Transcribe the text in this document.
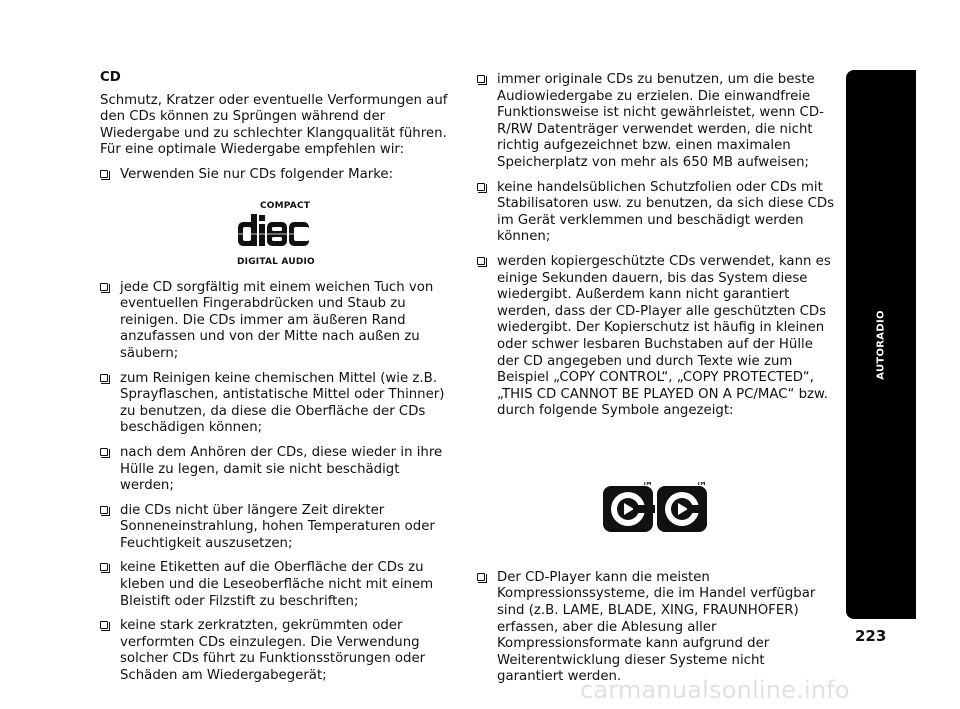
CD
Schmutz, Kratzer oder eventuelle Verformungen auf den CDs können zu Sprüngen während der Wiedergabe und zu schlechter Klangqualität führen. Für eine optimale Wiedergabe empfehlen wir:
Verwenden Sie nur CDs folgender Marke:
COMPACT
DIGITAL AUDIO
jede CD sorgfältig mit einem weichen Tuch von eventuellen Fingerabdrücken und Staub zu reinigen. Die CDs immer am äußeren Rand anzufassen und von der Mitte nach außen zu säubern;
zum Reinigen keine chemischen Mittel (wie z.B. Sprayflaschen, antistatische Mittel oder Thinner) zu benutzen, da diese die Oberfläche der CDs beschädigen können;
nach dem Anhören der CDs, diese wieder in ihre Hülle zu legen, damit sie nicht beschädigt werden;
die CDs nicht über längere Zeit direkter Sonneneinstrahlung, hohen Temperaturen oder Feuchtigkeit auszusetzen;
keine Etiketten auf die Oberfläche der CDs zu kleben und die Leseoberfläche nicht mit einem Bleistift oder Filzstift zu beschriften;
keine stark zerkratzten, gekrümmten oder verformten CDs einzulegen. Die Verwendung solcher CDs führt zu Funktionsstörungen oder Schäden am Wiedergabegerät;
immer originale CDs zu benutzen, um die beste Audiowiedergabe zu erzielen. Die einwandfreie Funktionsweise ist nicht gewährleistet, wenn CD-R/RW Datenträger verwendet werden, die nicht richtig aufgezeichnet bzw. einen maximalen Speicherplatz von mehr als 650 MB aufweisen;
keine handelsüblichen Schutzfolien oder CDs mit Stabilisatoren usw. zu benutzen, da sich diese CDs im Gerät verklemmen und beschädigt werden können;
werden kopiergeschützte CDs verwendet, kann es einige Sekunden dauern, bis das System diese wiedergibt. Außerdem kann nicht garantiert werden, dass der CD-Player alle geschützten CDs wiedergibt. Der Kopierschutz ist häufig in kleinen oder schwer lesbaren Buchstaben auf der Hülle der CD angegeben und durch Texte wie zum Beispiel „COPY CONTROL“, „COPY PROTECTED“, „THIS CD CANNOT BE PLAYED ON A PC/MAC“ bzw. durch folgende Symbole angezeigt:
TM	TM
Der CD-Player kann die meisten Kompressionssysteme, die im Handel verfügbar sind (z.B. LAME, BLADE, XING, FRAUNHOFER) erfassen, aber die Ablesung aller Kompressionsformate kann aufgrund der Weiterentwicklung dieser Systeme nicht garantiert werden.
AUTORADIO
223
carmanualsonline.info
